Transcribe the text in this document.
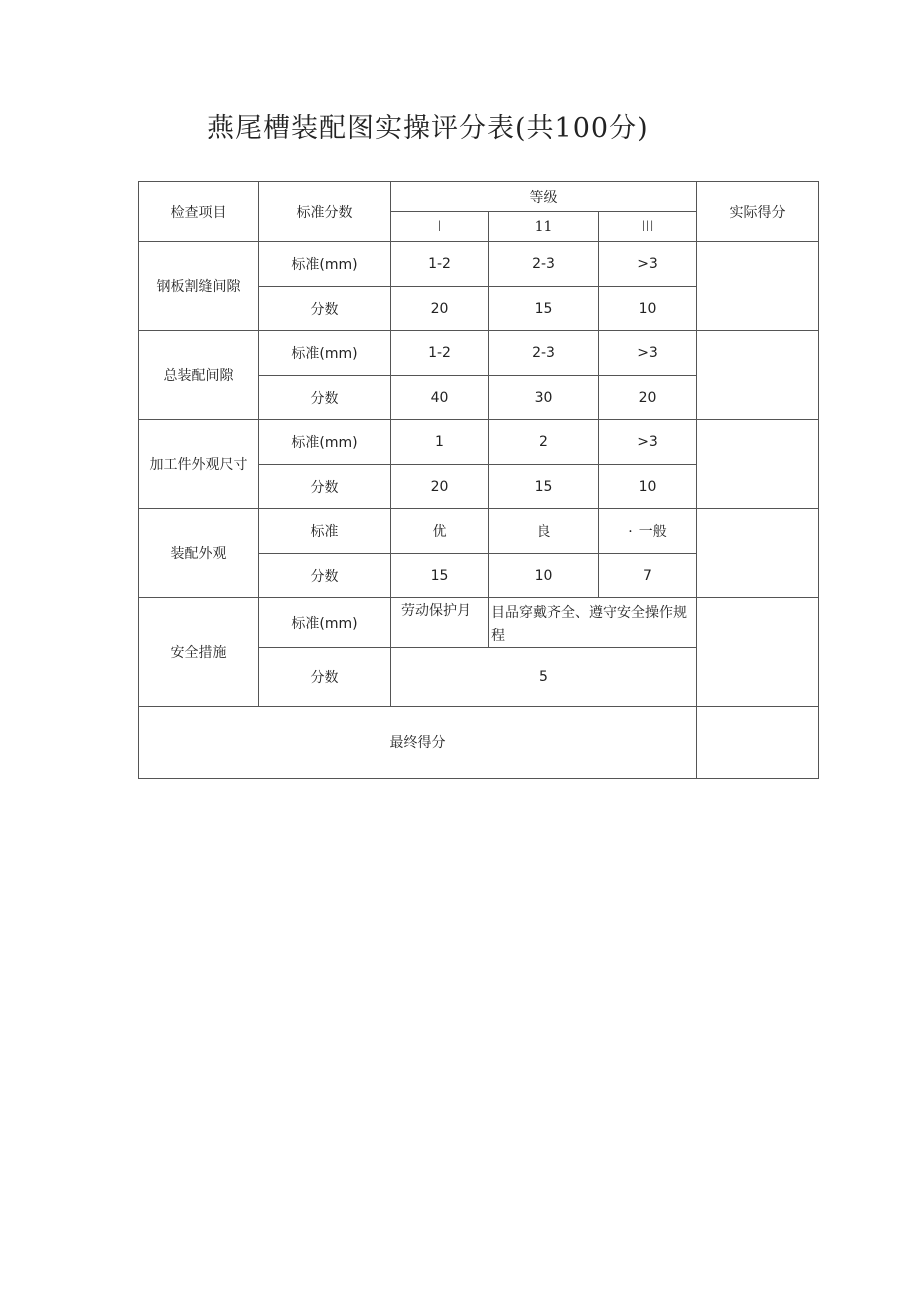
燕尾槽装配图实操评分表(共100分)
检查项目	标准分数	等级			实际得分
		I	11	III	
钢板割缝间隙	标准(mm)	1-2	2-3	>3	
	分数	20	15	10	
总装配间隙	标准(mm)	1-2	2-3	>3	
	分数	40	30	20	
加工件外观尺寸	标准(mm)	1	2	>3	
	分数	20	15	10	
装配外观	标准	优	良	· 一般	
	分数	15	10	7	
安全措施	标准(mm)	劳动保护月	目品穿戴齐全、遵守安全操作规程		
	分数	5			
最终得分					
